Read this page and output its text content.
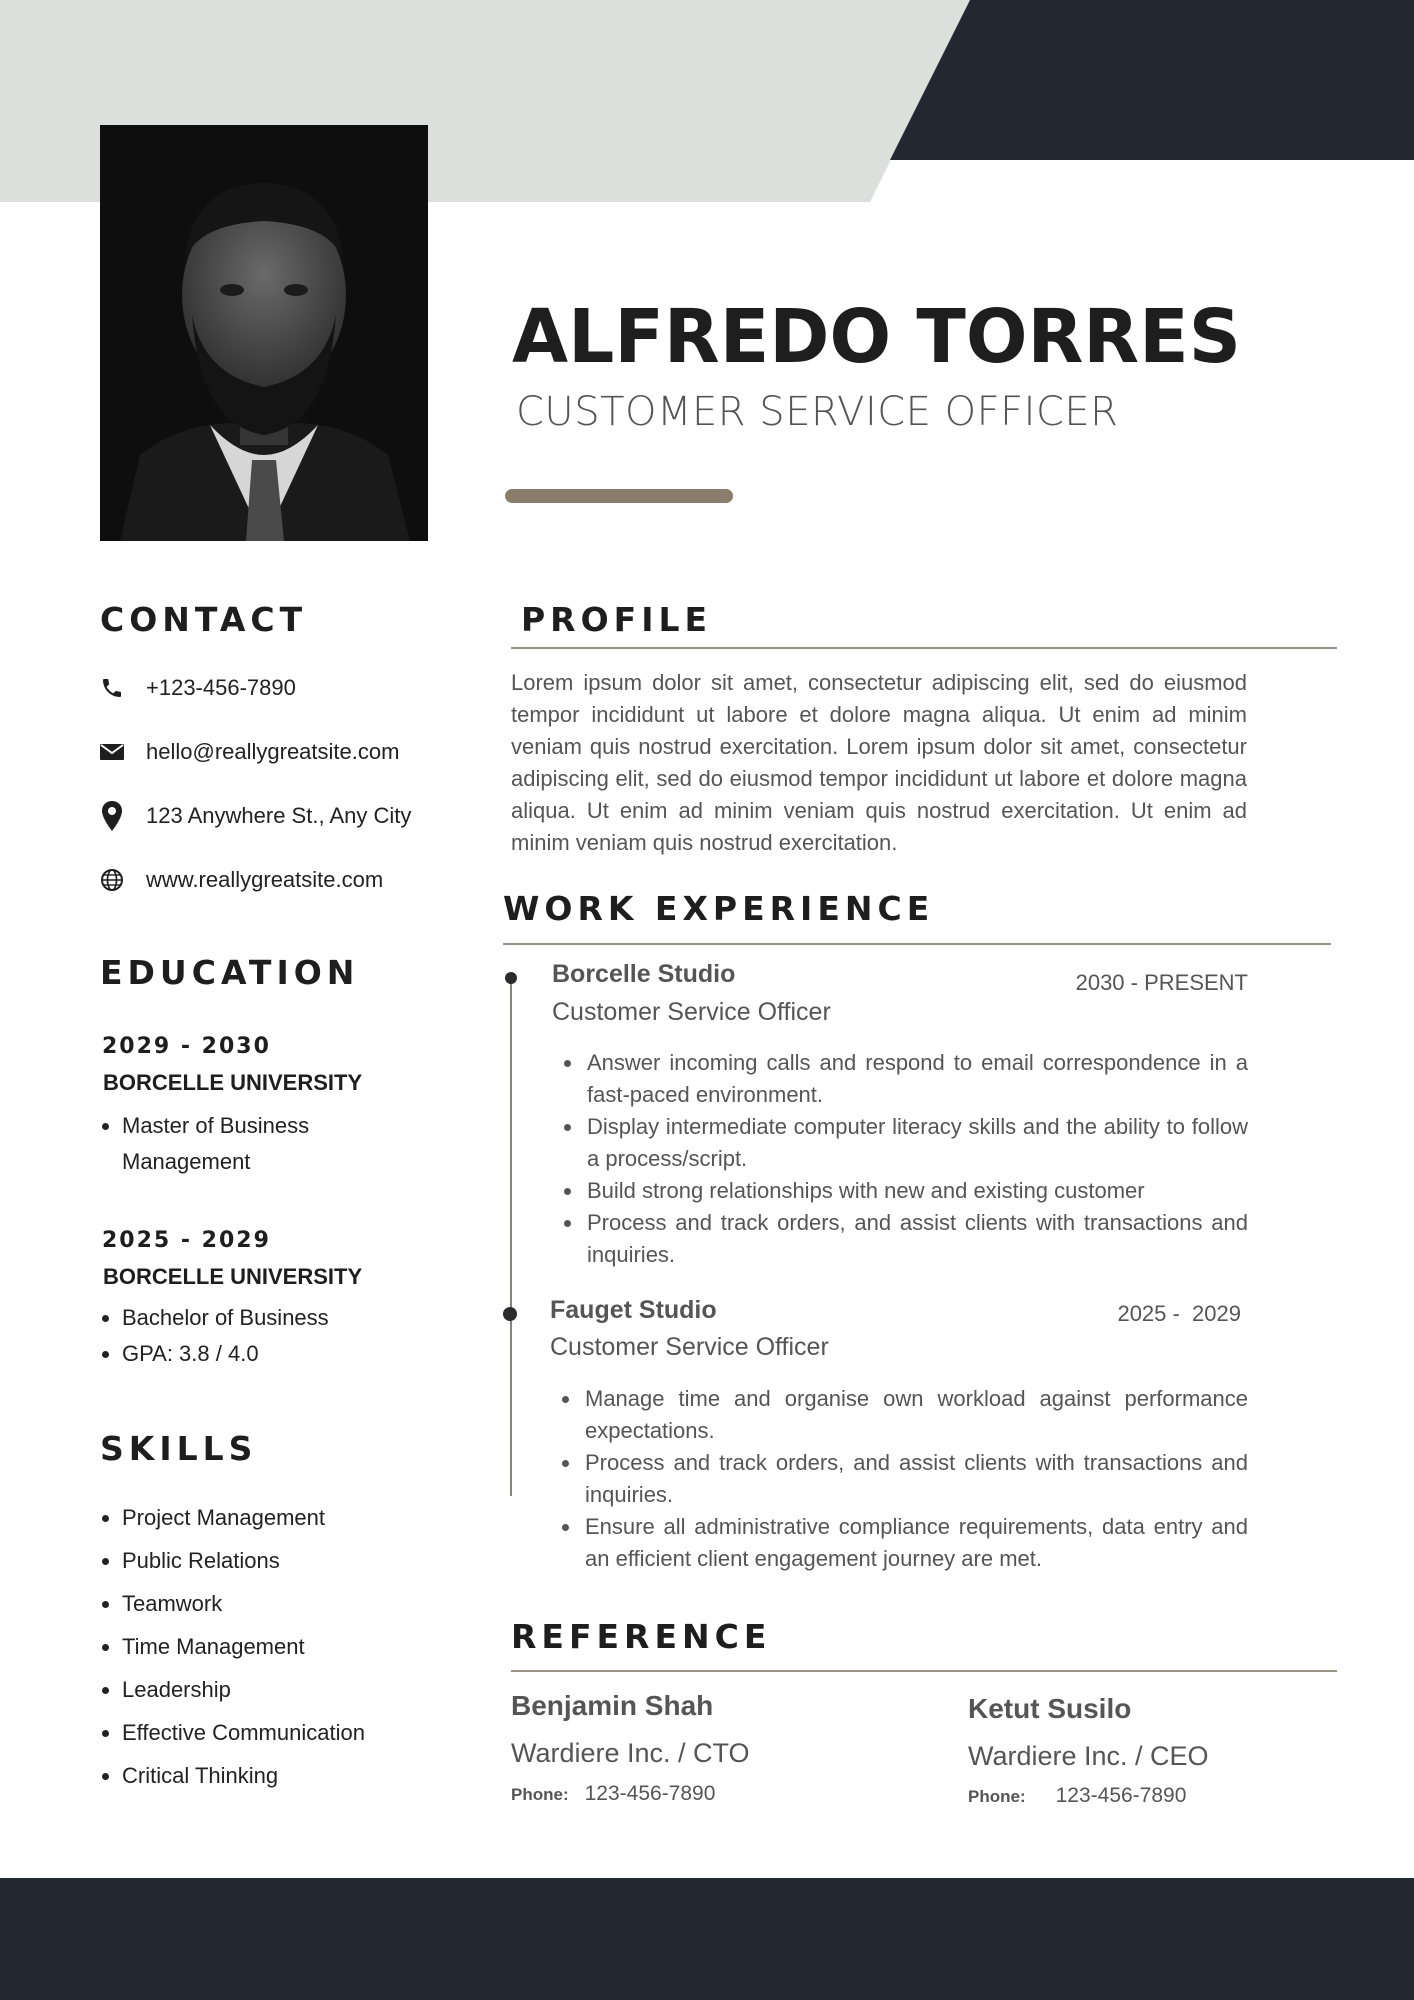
ALFREDO TORRES
CUSTOMER SERVICE OFFICER
CONTACT
+123-456-7890
hello@reallygreatsite.com
123 Anywhere St., Any City
www.reallygreatsite.com
EDUCATION
2029 - 2030
BORCELLE UNIVERSITY
Master of Business Management
2025 - 2029
BORCELLE UNIVERSITY
Bachelor of Business
GPA: 3.8 / 4.0
SKILLS
Project Management
Public Relations
Teamwork
Time Management
Leadership
Effective Communication
Critical Thinking
PROFILE
Lorem ipsum dolor sit amet, consectetur adipiscing elit, sed do eiusmod tempor incididunt ut labore et dolore magna aliqua. Ut enim ad minim veniam quis nostrud exercitation. Lorem ipsum dolor sit amet, consectetur adipiscing elit, sed do eiusmod tempor incididunt ut labore et dolore magna aliqua. Ut enim ad minim veniam quis nostrud exercitation. Ut enim ad minim veniam quis nostrud exercitation.
WORK EXPERIENCE
Borcelle Studio	2030 - PRESENT
Customer Service Officer
Answer incoming calls and respond to email correspondence in a fast-paced environment.
Display intermediate computer literacy skills and the ability to follow a process/script.
Build strong relationships with new and existing customer
Process and track orders, and assist clients with transactions and inquiries.
Fauget Studio	2025 -  2029
Customer Service Officer
Manage time and organise own workload against performance expectations.
Process and track orders, and assist clients with transactions and inquiries.
Ensure all administrative compliance requirements, data entry and an efficient client engagement journey are met.
REFERENCE
Benjamin Shah
Wardiere Inc. / CTO
Phone: 123-456-7890
Ketut Susilo
Wardiere Inc. / CEO
Phone: 123-456-7890
